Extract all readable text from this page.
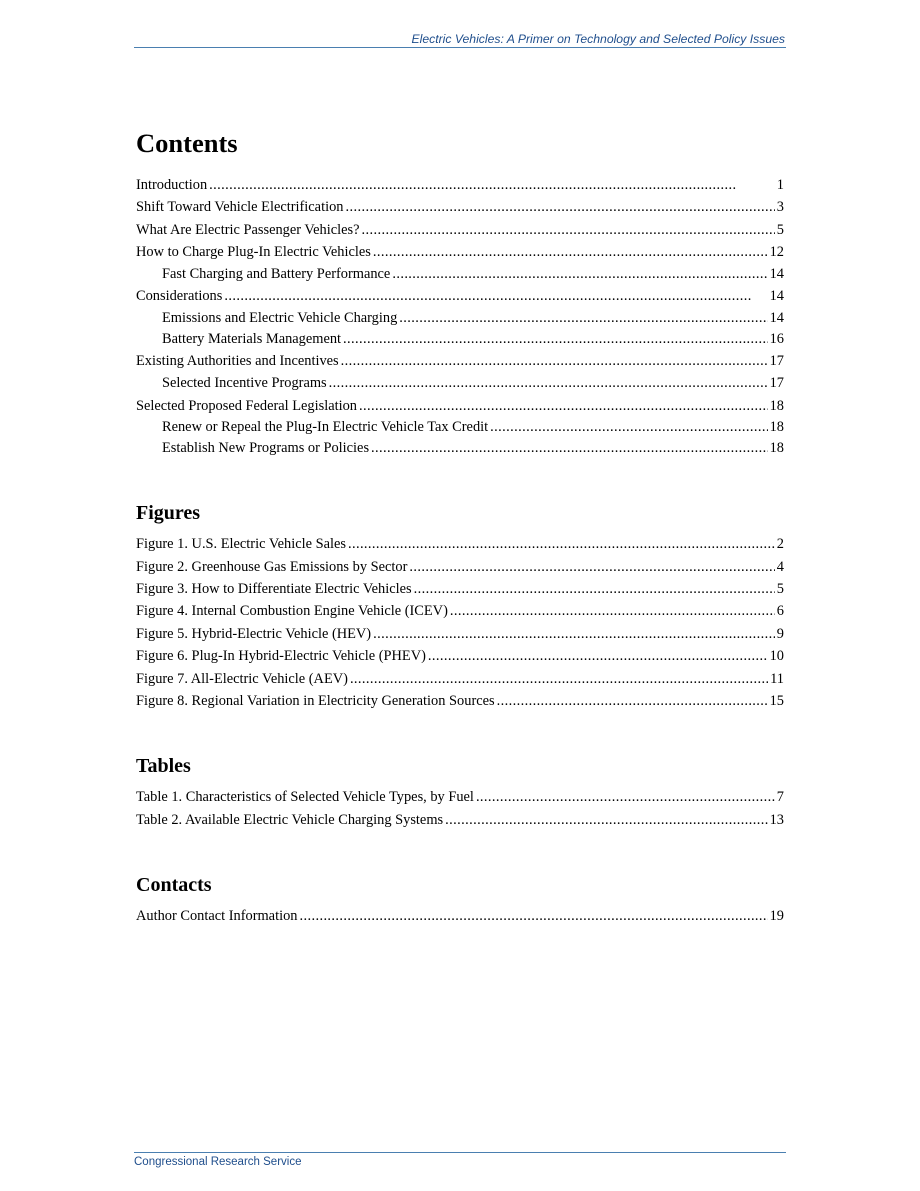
Electric Vehicles: A Primer on Technology and Selected Policy Issues
Contents
Introduction . . .	1
Shift Toward Vehicle Electrification . . .	3
What Are Electric Passenger Vehicles? . . .	5
How to Charge Plug-In Electric Vehicles . . .	12
Fast Charging and Battery Performance . . .	14
Considerations . . .	14
Emissions and Electric Vehicle Charging . . .	14
Battery Materials Management . . .	16
Existing Authorities and Incentives . . .	17
Selected Incentive Programs . . .	17
Selected Proposed Federal Legislation . . .	18
Renew or Repeal the Plug-In Electric Vehicle Tax Credit . . .	18
Establish New Programs or Policies . . .	18
Figures
Figure 1. U.S. Electric Vehicle Sales . . .	2
Figure 2. Greenhouse Gas Emissions by Sector . . .	4
Figure 3. How to Differentiate Electric Vehicles . . .	5
Figure 4. Internal Combustion Engine Vehicle (ICEV) . . .	6
Figure 5. Hybrid-Electric Vehicle (HEV) . . .	9
Figure 6. Plug-In Hybrid-Electric Vehicle (PHEV) . . .	10
Figure 7. All-Electric Vehicle (AEV) . . .	11
Figure 8. Regional Variation in Electricity Generation Sources . . .	15
Tables
Table 1. Characteristics of Selected Vehicle Types, by Fuel . . .	7
Table 2. Available Electric Vehicle Charging Systems . . .	13
Contacts
Author Contact Information . . .	19
Congressional Research Service
